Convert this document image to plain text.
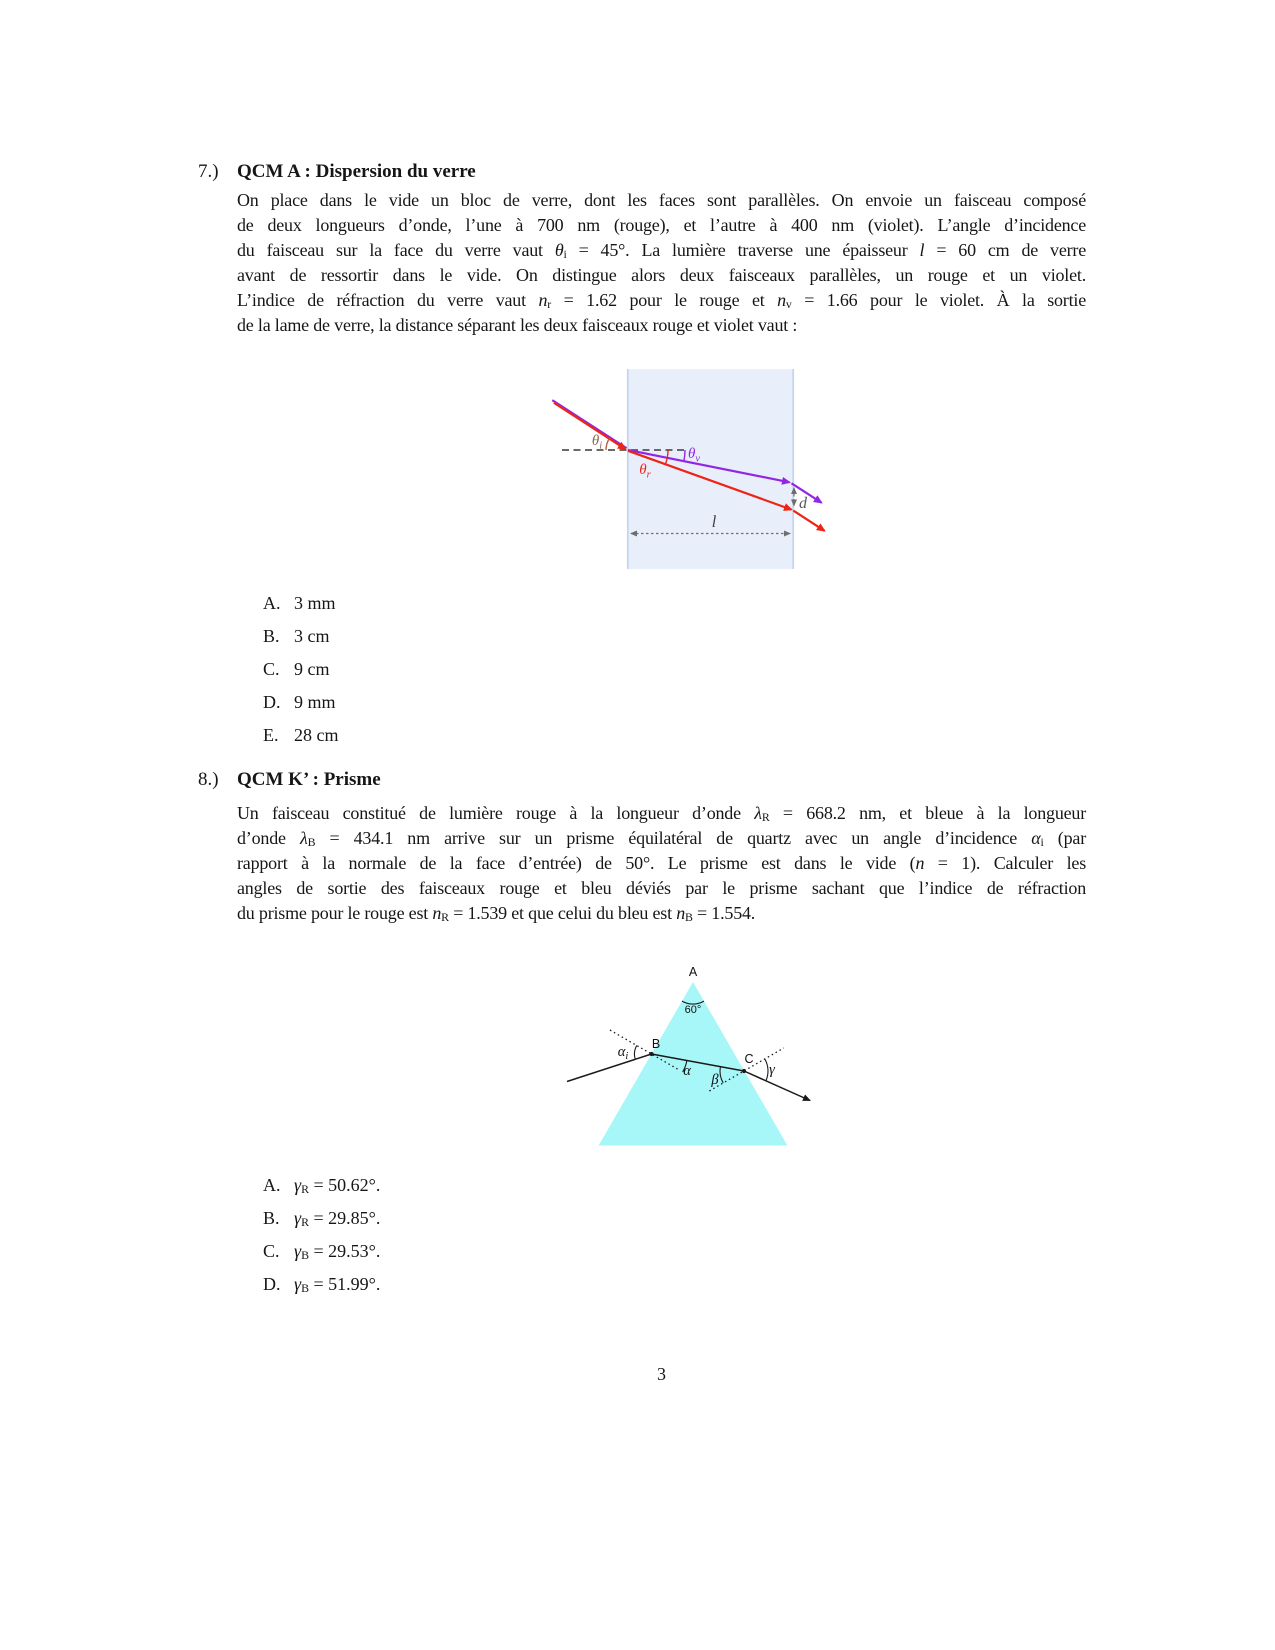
7.) QCM A : Dispersion du verre
On place dans le vide un bloc de verre, dont les faces sont parallèles. On envoie un faisceau composé
de deux longueurs d’onde, l’une à 700 nm (rouge), et l’autre à 400 nm (violet). L’angle d’incidence
du faisceau sur la face du verre vaut θi = 45°. La lumière traverse une épaisseur l = 60 cm de verre
avant de ressortir dans le vide. On distingue alors deux faisceaux parallèles, un rouge et un violet.
L’indice de réfraction du verre vaut nr = 1.62 pour le rouge et nv = 1.66 pour le violet. À la sortie
de la lame de verre, la distance séparant les deux faisceaux rouge et violet vaut :
$\theta_i$
$\theta_r$
$\theta_v$
d
l
A. 3 mm
B. 3 cm
C. 9 cm
D. 9 mm
E. 28 cm
8.) QCM K’ : Prisme
Un faisceau constitué de lumière rouge à la longueur d’onde λR = 668.2 nm, et bleue à la longueur
d’onde λB = 434.1 nm arrive sur un prisme équilatéral de quartz avec un angle d’incidence αi (par
rapport à la normale de la face d’entrée) de 50°. Le prisme est dans le vide (n = 1). Calculer les
angles de sortie des faisceaux rouge et bleu déviés par le prisme sachant que l’indice de réfraction
du prisme pour le rouge est nR = 1.539 et que celui du bleu est nB = 1.554.
A
B
C
60°
$\alpha_i$
α
β
γ
A. γR = 50.62°.
B. γR = 29.85°.
C. γB = 29.53°.
D. γB = 51.99°.
3
